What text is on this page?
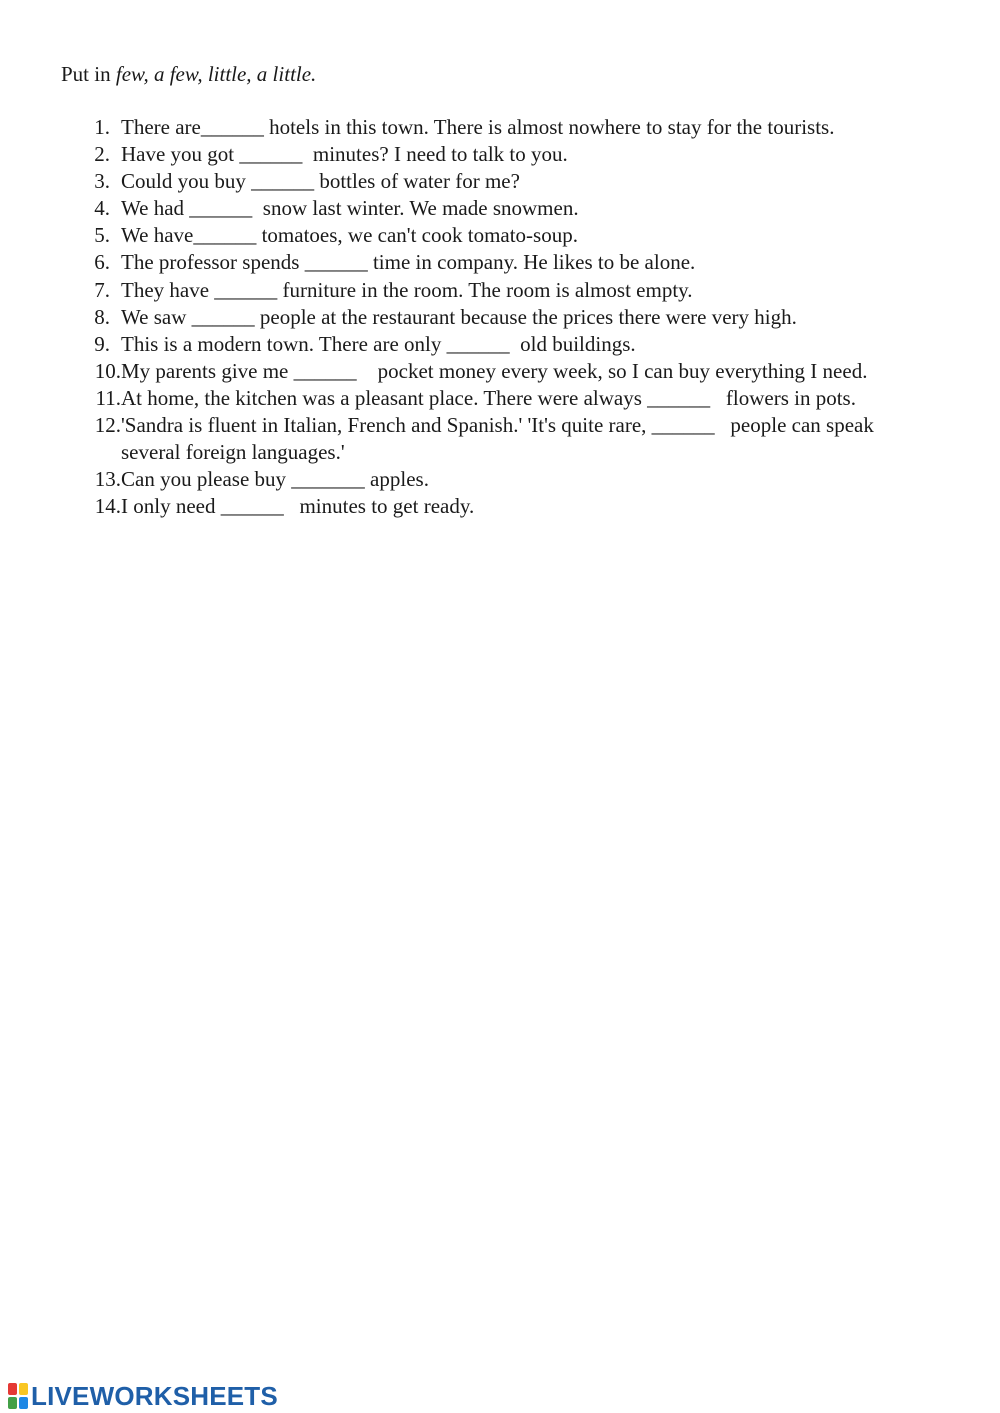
Put in few, a few, little, a little.
1. There are______ hotels in this town. There is almost nowhere to stay for the tourists.
2. Have you got ______  minutes? I need to talk to you.
3. Could you buy ______ bottles of water for me?
4. We had ______  snow last winter. We made snowmen.
5. We have______ tomatoes, we can't cook tomato-soup.
6. The professor spends ______ time in company. He likes to be alone.
7. They have ______ furniture in the room. The room is almost empty.
8. We saw ______ people at the restaurant because the prices there were very high.
9. This is a modern town. There are only ______  old buildings.
10. My parents give me ______    pocket money every week, so I can buy everything I need.
11. At home, the kitchen was a pleasant place. There were always ______   flowers in pots.
12. 'Sandra is fluent in Italian, French and Spanish.' 'It's quite rare, ______   people can speak several foreign languages.'
13. Can you please buy _______ apples.
14. I only need ______   minutes to get ready.
LIVEWORKSHEETS
